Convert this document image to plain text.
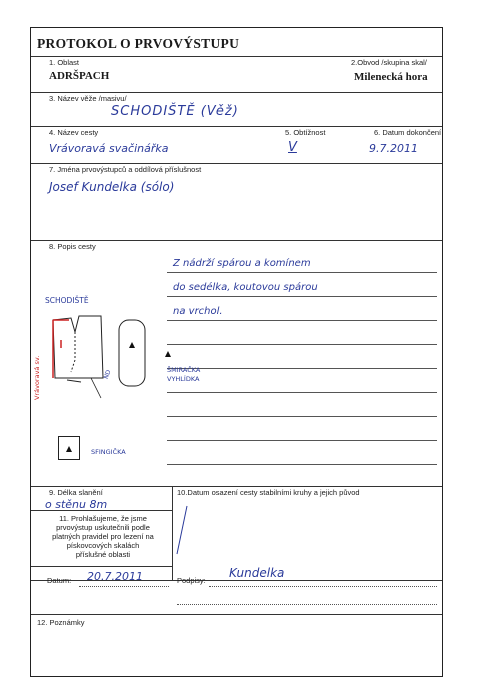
PROTOKOL O PRVOVÝSTUPU
1. Oblast
ADRŠPACH
2.Obvod /skupina skal/
Milenecká hora
3. Název věže /masivu/
SCHODIŠTĚ (Věž)
4. Název cesty
Vrávoravá svačinářka
5. Obtížnost
V
6. Datum dokončení
9.7.2011
7. Jména prvovýstupců a oddílová příslušnost
Josef Kundelka (sólo)
8. Popis cesty
Z nádrží spárou a komínem
do sedélka, koutovou spárou
na vrchol.
SCHODIŠTĚ
Vrávoravá sv.	ND	ŠMIRAČKA
VYHLÍDKA
SFINGIČKA
9. Délka slanění
o stěnu 8m
10.Datum osazení cesty stabilními kruhy a jejich původ
11. Prohlašujeme, že jsme
prvovýstup uskutečnili podle
platných pravidel pro lezení na
pískovcových skalách
příslušné oblasti
Datum: 20.7.2011	Podpisy:
Kundelka
12. Poznámky
